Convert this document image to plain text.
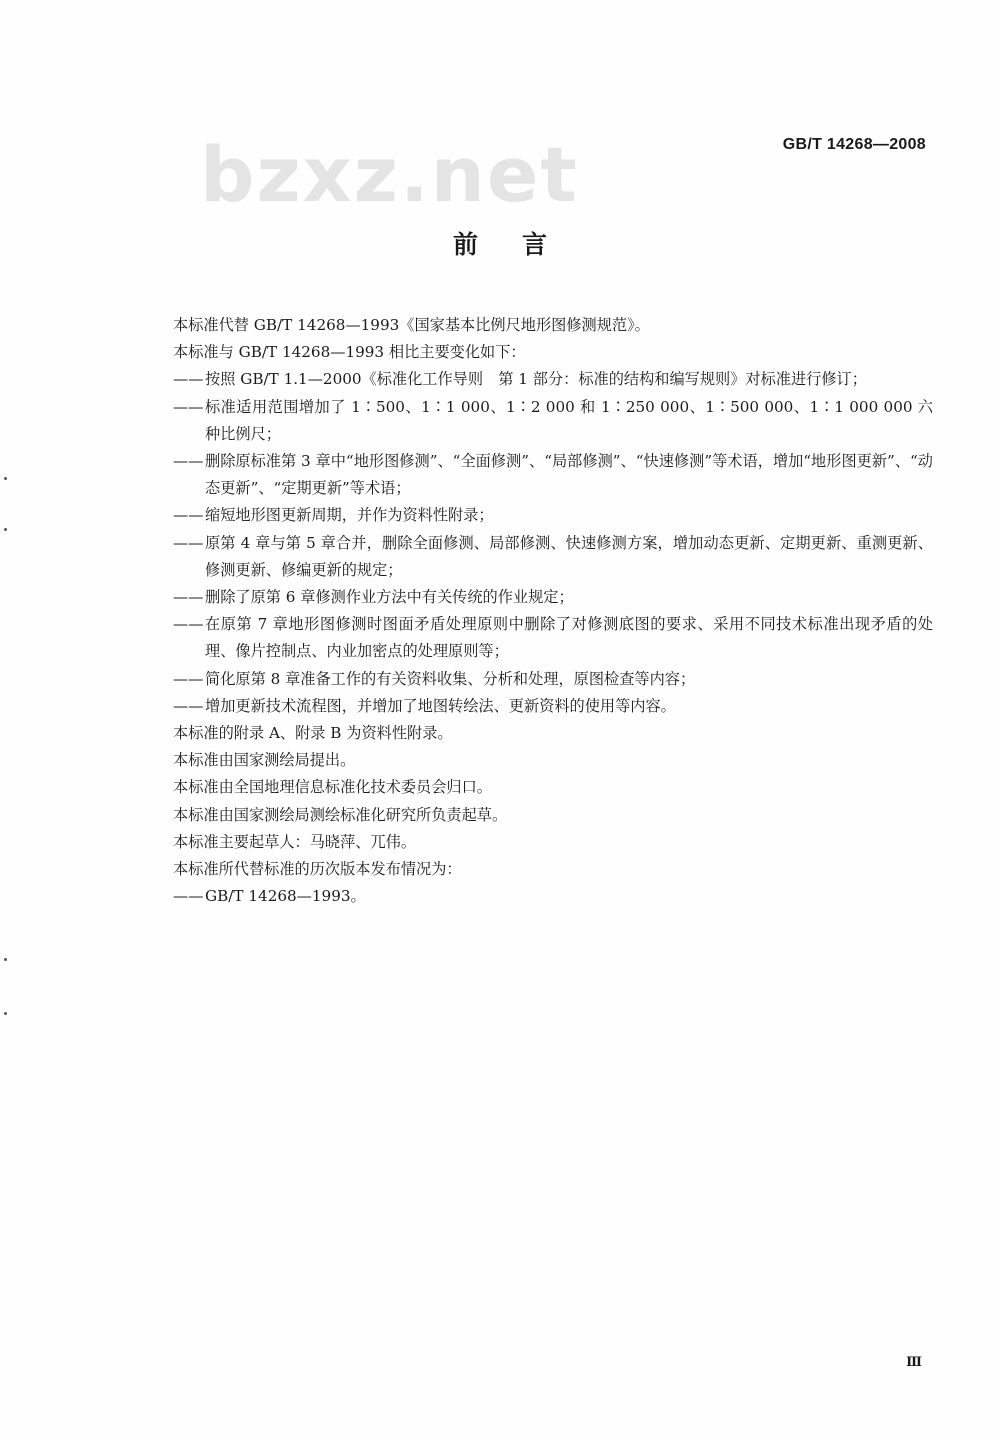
bzxz.net	GB/T 14268—2008
前言

本标准代替 GB/T 14268—1993《国家基本比例尺地形图修测规范》。

本标准与 GB/T 14268—1993 相比主要变化如下：

—— 按照 GB/T 1.1—2000《标准化工作导则　第 1 部分：标准的结构和编写规则》对标准进行修订；
—— 标准适用范围增加了 1∶500、1∶1 000、1∶2 000 和 1∶250 000、1∶500 000、1∶1 000 000 六种比例尺；
—— 删除原标准第 3 章中“地形图修测”、“全面修测”、“局部修测”、“快速修测”等术语，增加“地形图更新”、“动态更新”、“定期更新”等术语；
—— 缩短地形图更新周期，并作为资料性附录；
—— 原第 4 章与第 5 章合并，删除全面修测、局部修测、快速修测方案，增加动态更新、定期更新、重测更新、修测更新、修编更新的规定；
—— 删除了原第 6 章修测作业方法中有关传统的作业规定；
—— 在原第 7 章地形图修测时图面矛盾处理原则中删除了对修测底图的要求、采用不同技术标准出现矛盾的处理、像片控制点、内业加密点的处理原则等；
—— 简化原第 8 章准备工作的有关资料收集、分析和处理，原图检查等内容；
—— 增加更新技术流程图，并增加了地图转绘法、更新资料的使用等内容。

本标准的附录 A、附录 B 为资料性附录。

本标准由国家测绘局提出。

本标准由全国地理信息标准化技术委员会归口。

本标准由国家测绘局测绘标准化研究所负责起草。

本标准主要起草人：马晓萍、兀伟。

本标准所代替标准的历次版本发布情况为：

—— GB/T 14268—1993。
Ⅲ
